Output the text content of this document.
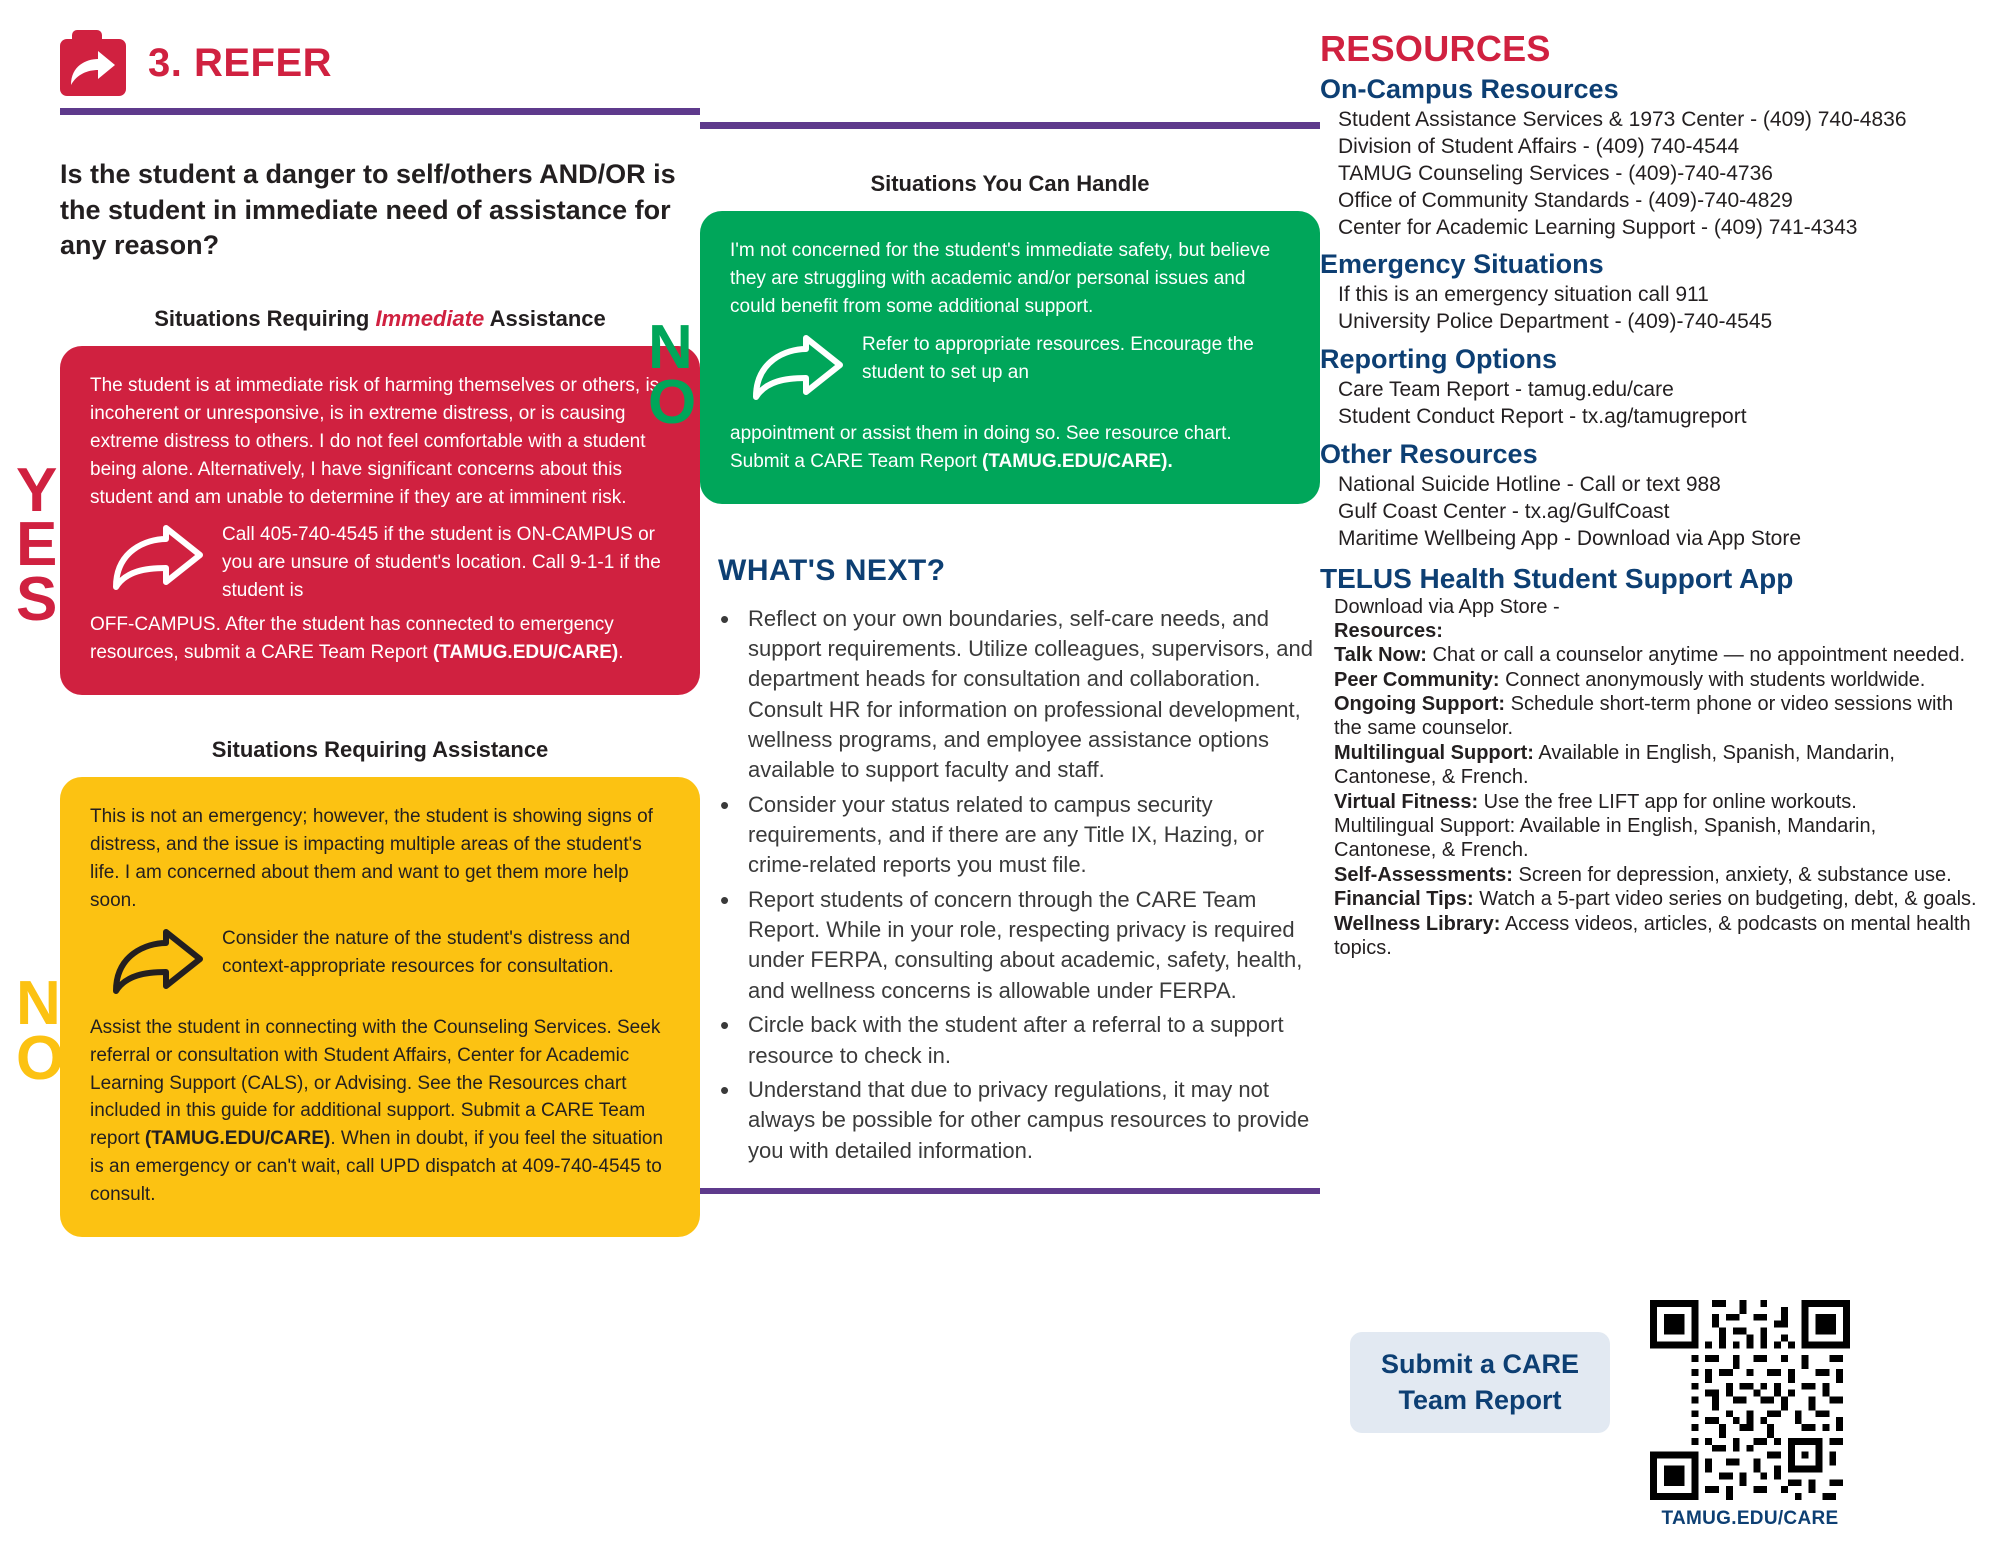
3. REFER
Is the student a danger to self/others AND/OR is the student in immediate need of assistance for any reason?
Situations Requiring Immediate Assistance
Y
E
S

The student is at immediate risk of harming themselves or others, is incoherent or unresponsive, is in extreme distress, or is causing extreme distress to others. I do not feel comfortable with a student being alone. Alternatively, I have significant concerns about this student and am unable to determine if they are at imminent risk.

Call 405-740-4545 if the student is ON-CAMPUS or you are unsure of student's location. Call 9-1-1 if the student is

OFF-CAMPUS. After the student has connected to emergency resources, submit a CARE Team Report (TAMUG.EDU/CARE).

Situations Requiring Assistance
N
O

This is not an emergency; however, the student is showing signs of distress, and the issue is impacting multiple areas of the student's life. I am concerned about them and want to get them more help soon.

Consider the nature of the student's distress and context-appropriate resources for consultation.

Assist the student in connecting with the Counseling Services. Seek referral or consultation with Student Affairs, Center for Academic Learning Support (CALS), or Advising. See the Resources chart included in this guide for additional support. Submit a CARE Team report (TAMUG.EDU/CARE). When in doubt, if you feel the situation is an emergency or can't wait, call UPD dispatch at 409-740-4545 to consult.

Situations You Can Handle
N
O

I'm not concerned for the student's immediate safety, but believe they are struggling with academic and/or personal issues and could benefit from some additional support.

Refer to appropriate resources. Encourage the student to set up an

appointment or assist them in doing so. See resource chart. Submit a CARE Team Report (TAMUG.EDU/CARE).

WHAT'S NEXT?
• Reflect on your own boundaries, self-care needs, and support requirements. Utilize colleagues, supervisors, and department heads for consultation and collaboration. Consult HR for information on professional development, wellness programs, and employee assistance options available to support faculty and staff.
• Consider your status related to campus security requirements, and if there are any Title IX, Hazing, or crime-related reports you must file.
• Report students of concern through the CARE Team Report. While in your role, respecting privacy is required under FERPA, consulting about academic, safety, health, and wellness concerns is allowable under FERPA.
• Circle back with the student after a referral to a support resource to check in.
• Understand that due to privacy regulations, it may not always be possible for other campus resources to provide you with detailed information.
RESOURCES
On-Campus Resources
Student Assistance Services & 1973 Center - (409) 740-4836
Division of Student Affairs - (409) 740-4544
TAMUG Counseling Services - (409)-740-4736
Office of Community Standards - (409)-740-4829
Center for Academic Learning Support - (409) 741-4343
Emergency Situations
If this is an emergency situation call 911
University Police Department - (409)-740-4545
Reporting Options
Care Team Report - tamug.edu/care
Student Conduct Report - tx.ag/tamugreport
Other Resources
National Suicide Hotline - Call or text 988
Gulf Coast Center - tx.ag/GulfCoast
Maritime Wellbeing App - Download via App Store
TELUS Health Student Support App
Download via App Store -
Resources:
Talk Now: Chat or call a counselor anytime — no appointment needed.
Peer Community: Connect anonymously with students worldwide.
Ongoing Support: Schedule short-term phone or video sessions with the same counselor.
Multilingual Support: Available in English, Spanish, Mandarin, Cantonese, & French.
Virtual Fitness: Use the free LIFT app for online workouts.
Multilingual Support: Available in English, Spanish, Mandarin, Cantonese, & French.
Self-Assessments: Screen for depression, anxiety, & substance use.
Financial Tips: Watch a 5-part video series on budgeting, debt, & goals.
Wellness Library: Access videos, articles, & podcasts on mental health topics.
Submit a CARE
Team Report
TAMUG.EDU/CARE
